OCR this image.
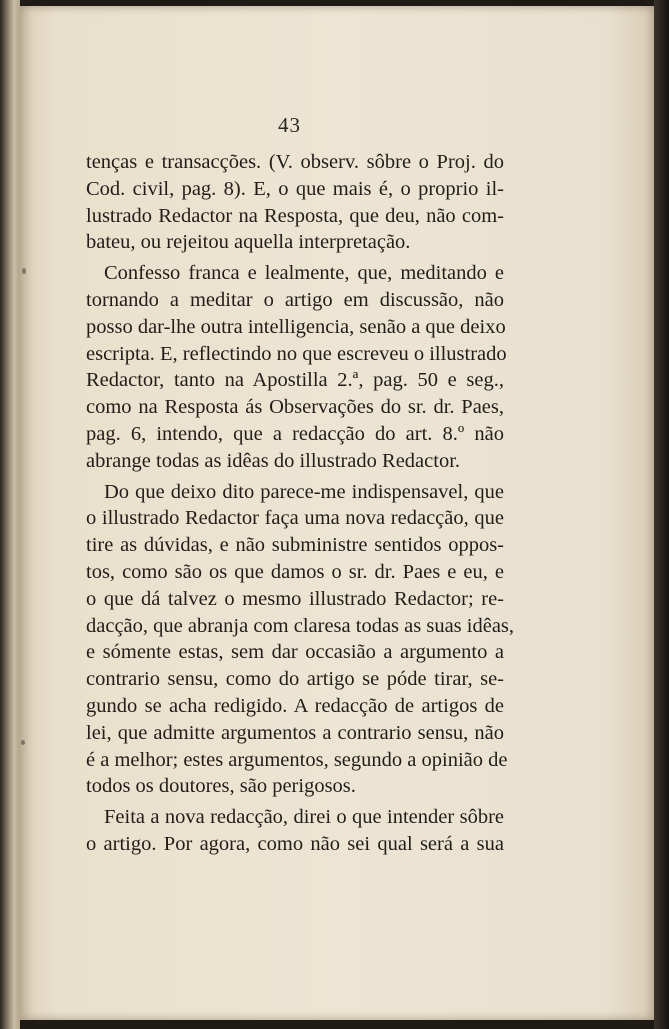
43
tenças e transacções. (V. observ. sôbre o Proj. do
Cod. civil, pag. 8). E, o que mais é, o proprio il-
lustrado Redactor na Resposta, que deu, não com-
bateu, ou rejeitou aquella interpretação.
Confesso franca e lealmente, que, meditando e
tornando a meditar o artigo em discussão, não
posso dar-lhe outra intelligencia, senão a que deixo
escripta. E, reflectindo no que escreveu o illustrado
Redactor, tanto na Apostilla 2.ª, pag. 50 e seg.,
como na Resposta ás Observações do sr. dr. Paes,
pag. 6, intendo, que a redacção do art. 8.º não
abrange todas as idêas do illustrado Redactor.
Do que deixo dito parece-me indispensavel, que
o illustrado Redactor faça uma nova redacção, que
tire as dúvidas, e não subministre sentidos oppos-
tos, como são os que damos o sr. dr. Paes e eu, e
o que dá talvez o mesmo illustrado Redactor; re-
dacção, que abranja com claresa todas as suas idêas,
e sómente estas, sem dar occasião a argumento a
contrario sensu, como do artigo se póde tirar, se-
gundo se acha redigido. A redacção de artigos de
lei, que admitte argumentos a contrario sensu, não
é a melhor; estes argumentos, segundo a opinião de
todos os doutores, são perigosos.
Feita a nova redacção, direi o que intender sôbre
o artigo. Por agora, como não sei qual será a sua
